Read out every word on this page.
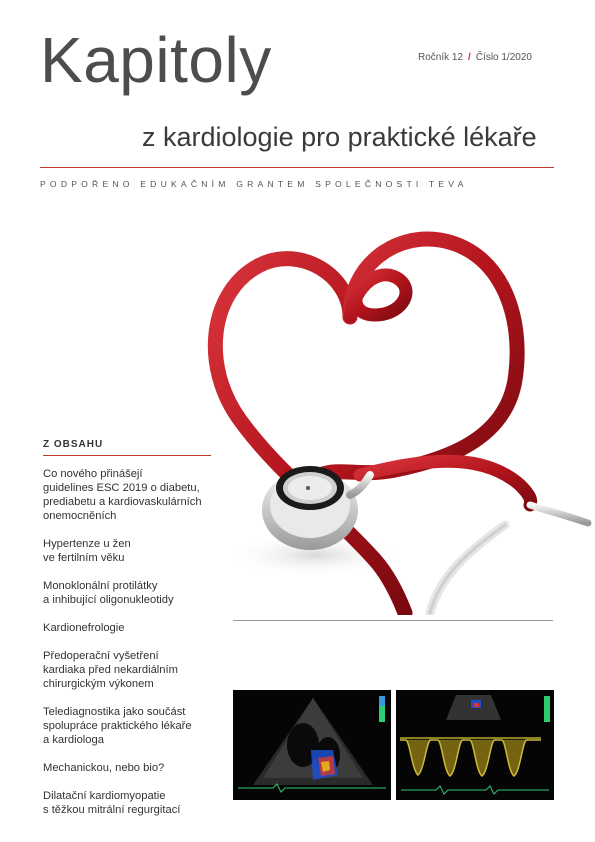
Kapitoly	Ročník 12 / Číslo 1/2020
z kardiologie pro praktické lékaře
PODPOŘENO EDUKAČNÍM GRANTEM SPOLEČNOSTI TEVA
Z OBSAHU
Co nového přinášejí
guidelines ESC 2019 o diabetu,
prediabetu a kardiovaskulárních
onemocněních
Hypertenze u žen
ve fertilním věku
Monoklonální protilátky
a inhibující oligonukleotidy
Kardionefrologie
Předoperační vyšetření
kardiaka před nekardiálním
chirurgickým výkonem
Telediagnostika jako součást
spolupráce praktického lékaře
a kardiologa
Mechanickou, nebo bio?
Dilatační kardiomyopatie
s těžkou mitrální regurgitací
